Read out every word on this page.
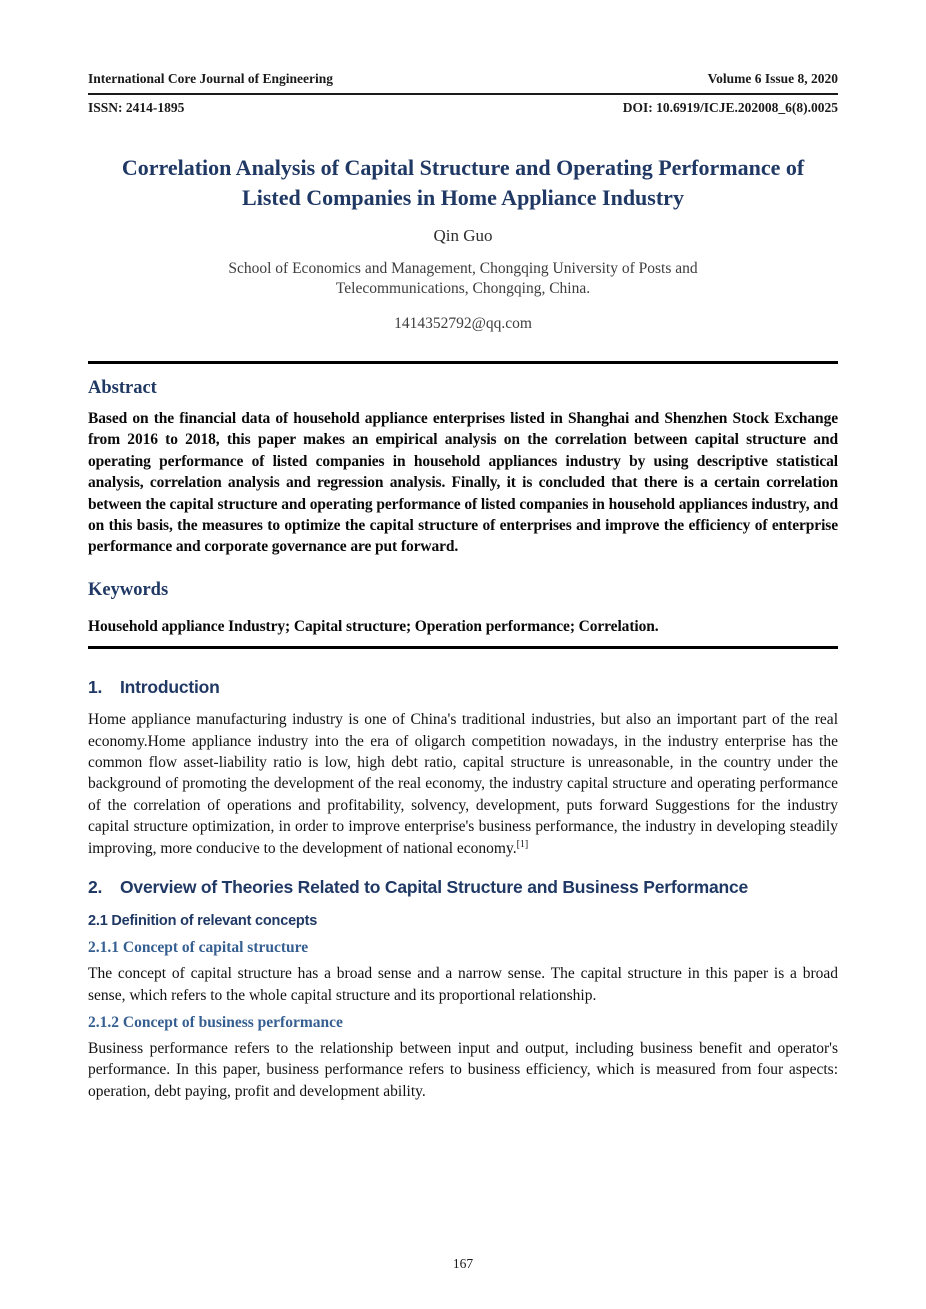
International Core Journal of Engineering	Volume 6 Issue 8, 2020
ISSN: 2414-1895	DOI: 10.6919/ICJE.202008_6(8).0025
Correlation Analysis of Capital Structure and Operating Performance of Listed Companies in Home Appliance Industry
Qin Guo
School of Economics and Management, Chongqing University of Posts and Telecommunications, Chongqing, China.
1414352792@qq.com
Abstract

Based on the financial data of household appliance enterprises listed in Shanghai and Shenzhen Stock Exchange from 2016 to 2018, this paper makes an empirical analysis on the correlation between capital structure and operating performance of listed companies in household appliances industry by using descriptive statistical analysis, correlation analysis and regression analysis. Finally, it is concluded that there is a certain correlation between the capital structure and operating performance of listed companies in household appliances industry, and on this basis, the measures to optimize the capital structure of enterprises and improve the efficiency of enterprise performance and corporate governance are put forward.

Keywords

Household appliance Industry; Capital structure; Operation performance; Correlation.

1.	Introduction

Home appliance manufacturing industry is one of China's traditional industries, but also an important part of the real economy.Home appliance industry into the era of oligarch competition nowadays, in the industry enterprise has the common flow asset-liability ratio is low, high debt ratio, capital structure is unreasonable, in the country under the background of promoting the development of the real economy, the industry capital structure and operating performance of the correlation of operations and profitability, solvency, development, puts forward Suggestions for the industry capital structure optimization, in order to improve enterprise's business performance, the industry in developing steadily improving, more conducive to the development of national economy.[1]

2.	Overview of Theories Related to Capital Structure and Business Performance
2.1 Definition of relevant concepts
2.1.1 Concept of capital structure

The concept of capital structure has a broad sense and a narrow sense. The capital structure in this paper is a broad sense, which refers to the whole capital structure and its proportional relationship.

2.1.2 Concept of business performance

Business performance refers to the relationship between input and output, including business benefit and operator's performance. In this paper, business performance refers to business efficiency, which is measured from four aspects: operation, debt paying, profit and development ability.

167
